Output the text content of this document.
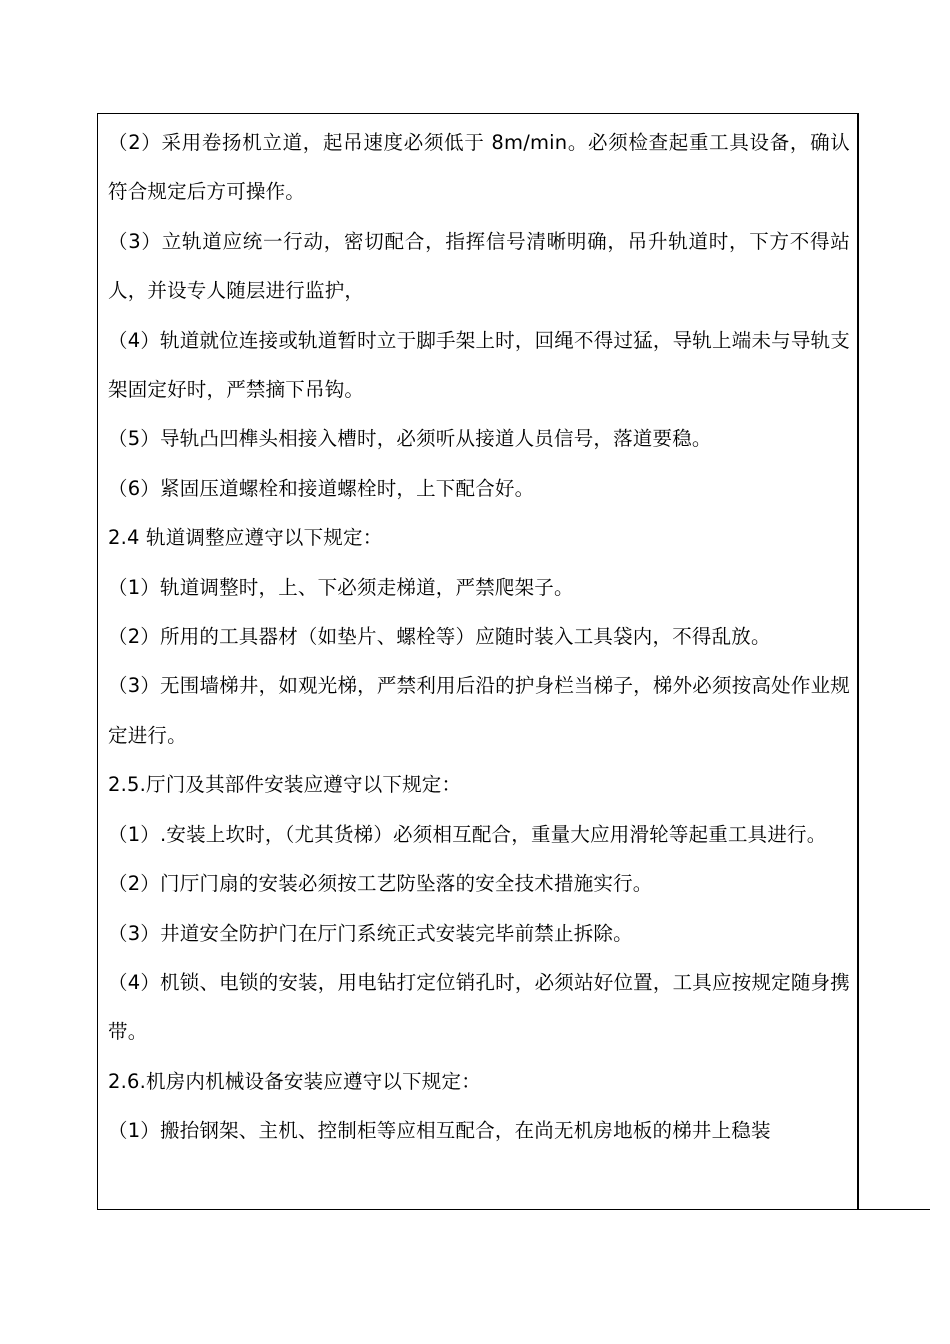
（2）采用卷扬机立道，起吊速度必须低于 8m/min。必须检查起重工具设备，确认符合规定后方可操作。

（3）立轨道应统一行动，密切配合，指挥信号清晰明确，吊升轨道时，下方不得站人，并设专人随层进行监护，

（4）轨道就位连接或轨道暂时立于脚手架上时，回绳不得过猛，导轨上端未与导轨支架固定好时，严禁摘下吊钩。

（5）导轨凸凹榫头相接入槽时，必须听从接道人员信号，落道要稳。

（6）紧固压道螺栓和接道螺栓时，上下配合好。

2.4 轨道调整应遵守以下规定：

（1）轨道调整时，上、下必须走梯道，严禁爬架子。

（2）所用的工具器材（如垫片、螺栓等）应随时装入工具袋内，不得乱放。

（3）无围墙梯井，如观光梯，严禁利用后沿的护身栏当梯子，梯外必须按高处作业规定进行。

2.5.厅门及其部件安装应遵守以下规定：

（1）.安装上坎时，（尤其货梯）必须相互配合，重量大应用滑轮等起重工具进行。

（2）门厅门扇的安装必须按工艺防坠落的安全技术措施实行。

（3）井道安全防护门在厅门系统正式安装完毕前禁止拆除。

（4）机锁、电锁的安装，用电钻打定位销孔时，必须站好位置，工具应按规定随身携带。

2.6.机房内机械设备安装应遵守以下规定：

（1）搬抬钢架、主机、控制柜等应相互配合，在尚无机房地板的梯井上稳装
